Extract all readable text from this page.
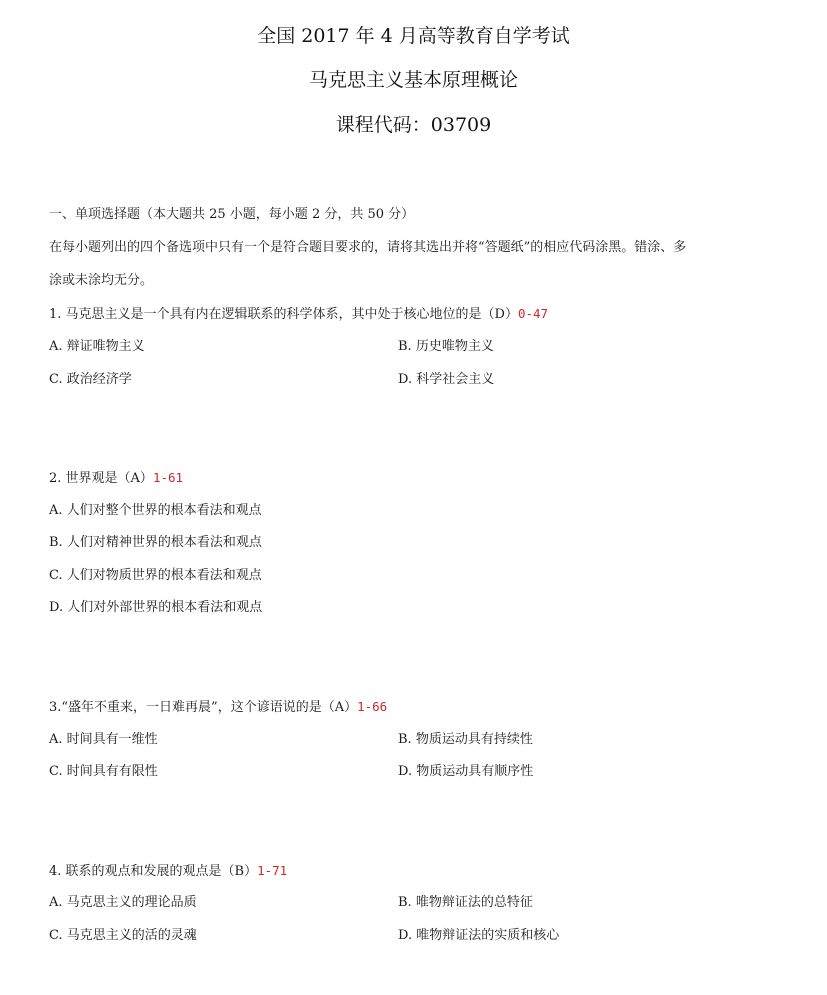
全国 2017 年 4 月高等教育自学考试
马克思主义基本原理概论
课程代码：03709
一、单项选择题（本大题共 25 小题，每小题 2 分，共 50 分）
在每小题列出的四个备选项中只有一个是符合题目要求的，请将其选出并将“答题纸”的相应代码涂黑。错涂、多
涂或未涂均无分。
1. 马克思主义是一个具有内在逻辑联系的科学体系，其中处于核心地位的是（D）0-47
A. 辩证唯物主义	B. 历史唯物主义
C. 政治经济学	D. 科学社会主义
2. 世界观是（A）1-61
A. 人们对整个世界的根本看法和观点
B. 人们对精神世界的根本看法和观点
C. 人们对物质世界的根本看法和观点
D. 人们对外部世界的根本看法和观点
3.“盛年不重来，一日难再晨”，这个谚语说的是（A）1-66
A. 时间具有一维性	B. 物质运动具有持续性
C. 时间具有有限性	D. 物质运动具有顺序性
4. 联系的观点和发展的观点是（B）1-71
A. 马克思主义的理论品质	B. 唯物辩证法的总特征
C. 马克思主义的活的灵魂	D. 唯物辩证法的实质和核心
